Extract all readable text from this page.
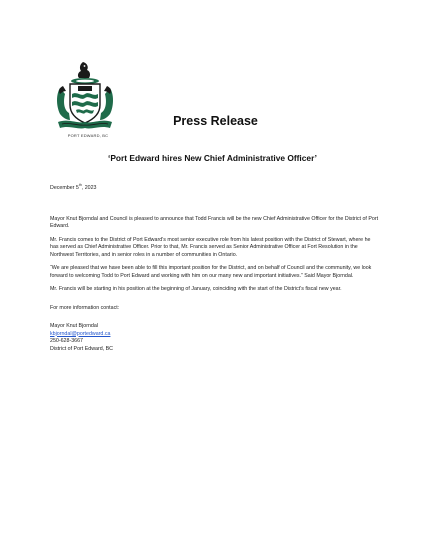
PORT EDWARD, BC
Press Release
‘Port Edward hires New Chief Administrative Officer’

December 5th, 2023

Mayor Knut Bjorndal and Council is pleased to announce that Todd Francis will be the new Chief Administrative Officer for the District of Port Edward.

Mr. Francis comes to the District of Port Edward’s most senior executive role from his latest position with the District of Stewart, where he has served as Chief Administrative Officer. Prior to that, Mr. Francis served as Senior Administrative Officer at Fort Resolution in the Northwest Territories, and in senior roles in a number of communities in Ontario.

“We are pleased that we have been able to fill this important position for the District, and on behalf of Council and the community, we look forward to welcoming Todd to Port Edward and working with him on our many new and important initiatives.” Said Mayor Bjorndal.

Mr. Francis will be starting in his position at the beginning of January, coinciding with the start of the District’s fiscal new year.

For more information contact:

Mayor Knut Bjorndal

kbjorndal@portedward.ca

250-628-3667

District of Port Edward, BC
